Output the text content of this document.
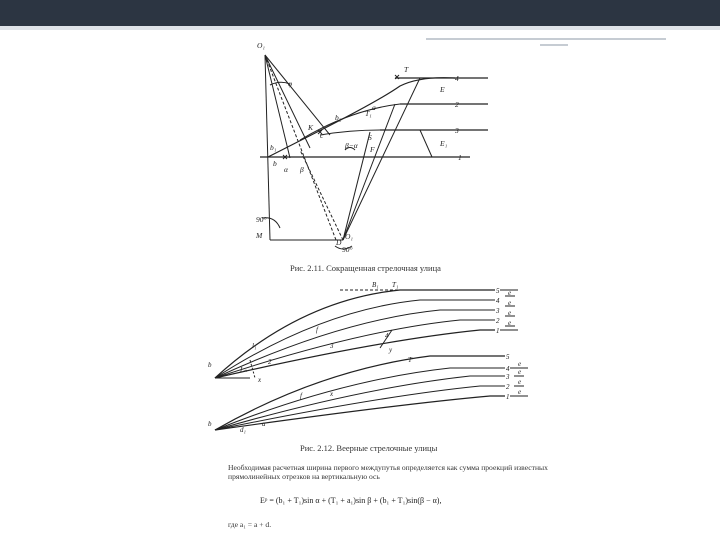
O₁
O₁
M
D
90°
90°
φ
b
b₁
b₂
E
E₁
β
α
β−α
T
T₁
a
c	S
F
K
1
2
3
4
b
B₁ T₁
Lₙ
f
l₁
2
3
4
x
y
5
4
3
2
1
e
e
e
e
b
d₁
a
T
f	x
5
4
3
2
1
e
e
e
e
Рис. 2.11. Сокращенная стрелочная улица
Рис. 2.12. Веерные стрелочные улицы
Необходимая расчетная ширина первого междупутья определяется как сумма проекций известных прямолинейных отрезков на вертикальную ось
Eᵖ = (b₁ + T₁)sin α + (T₁ + a₁)sin β + (b₁ + T₁)sin(β − α),
где a₁ = a + d.
